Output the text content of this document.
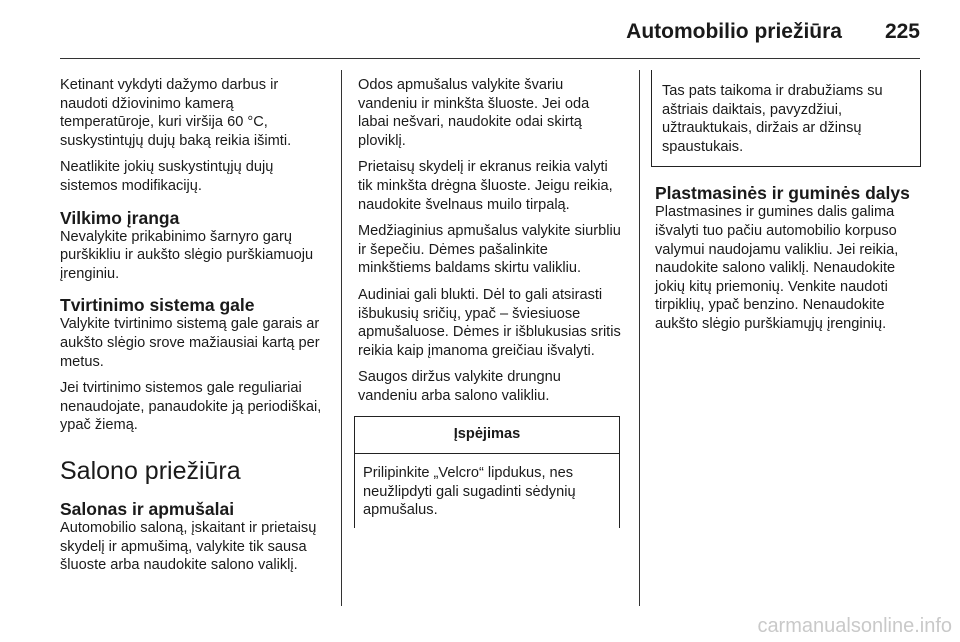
Automobilio priežiūra 225

Ketinant vykdyti dažymo darbus ir naudoti džiovinimo kamerą temperatūroje, kuri viršija 60 °C, suskystintųjų dujų baką reikia išimti.

Neatlikite jokių suskystintųjų dujų sistemos modifikacijų.

Vilkimo įranga

Nevalykite prikabinimo šarnyro garų purškikliu ir aukšto slėgio purškiamuoju įrenginiu.

Tvirtinimo sistema gale

Valykite tvirtinimo sistemą gale garais ar aukšto slėgio srove mažiausiai kartą per metus.

Jei tvirtinimo sistemos gale reguliariai nenaudojate, panaudokite ją periodiškai, ypač žiemą.

Salono priežiūra
Salonas ir apmušalai

Automobilio saloną, įskaitant ir prietaisų skydelį ir apmušimą, valykite tik sausa šluoste arba naudokite salono valiklį.

Odos apmušalus valykite švariu vandeniu ir minkšta šluoste. Jei oda labai nešvari, naudokite odai skirtą ploviklį.

Prietaisų skydelį ir ekranus reikia valyti tik minkšta drėgna šluoste. Jeigu reikia, naudokite švelnaus muilo tirpalą.

Medžiaginius apmušalus valykite siurbliu ir šepečiu. Dėmes pašalinkite minkštiems baldams skirtu valikliu.

Audiniai gali blukti. Dėl to gali atsirasti išbukusių sričių, ypač – šviesiuose apmušaluose. Dėmes ir išblukusias sritis reikia kaip įmanoma greičiau išvalyti.

Saugos diržus valykite drungnu vandeniu arba salono valikliu.

Įspėjimas
Prilipinkite „Velcro“ lipdukus, nes neužlipdyti gali sugadinti sėdynių apmušalus.
Tas pats taikoma ir drabužiams su aštriais daiktais, pavyzdžiui, užtrauktukais, diržais ar džinsų spaustukais.
Plastmasinės ir guminės dalys

Plastmasines ir gumines dalis galima išvalyti tuo pačiu automobilio korpuso valymui naudojamu valikliu. Jei reikia, naudokite salono valiklį. Nenaudokite jokių kitų priemonių. Venkite naudoti tirpiklių, ypač benzino. Nenaudokite aukšto slėgio purškiamųjų įrenginių.

carmanualsonline.info
